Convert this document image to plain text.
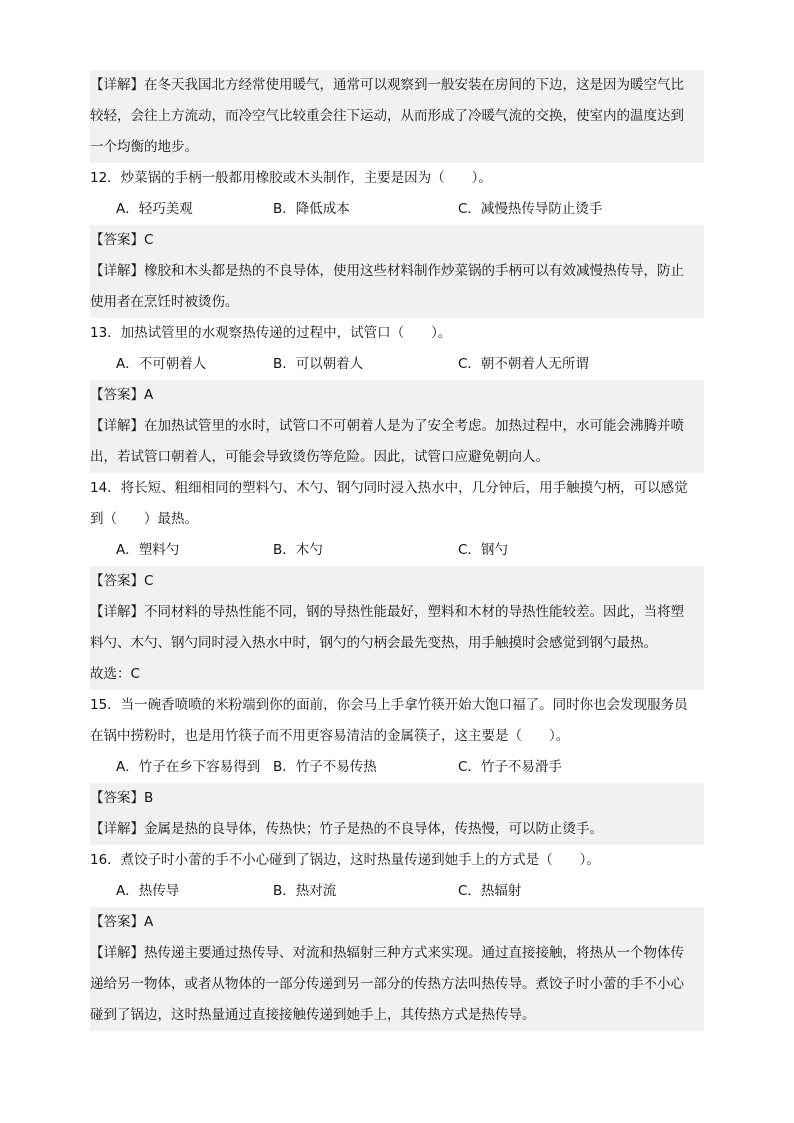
【详解】在冬天我国北方经常使用暖气，通常可以观察到一般安装在房间的下边，这是因为暖空气比
较轻，会往上方流动，而冷空气比较重会往下运动，从而形成了冷暖气流的交换，使室内的温度达到
一个均衡的地步。
12．炒菜锅的手柄一般都用橡胶或木头制作，主要是因为（　　）。
A．轻巧美观	B．降低成本	C．减慢热传导防止烫手
【答案】C
【详解】橡胶和木头都是热的不良导体，使用这些材料制作炒菜锅的手柄可以有效减慢热传导，防止
使用者在烹饪时被烫伤。
13．加热试管里的水观察热传递的过程中，试管口（　　）。
A．不可朝着人	B．可以朝着人	C．朝不朝着人无所谓
【答案】A
【详解】在加热试管里的水时，试管口不可朝着人是为了安全考虑。加热过程中，水可能会沸腾并喷
出，若试管口朝着人，可能会导致烫伤等危险。因此，试管口应避免朝向人。
14．将长短、粗细相同的塑料勺、木勺、钢勺同时浸入热水中，几分钟后，用手触摸勺柄，可以感觉
到（　　）最热。
A．塑料勺	B．木勺	C．钢勺
【答案】C
【详解】不同材料的导热性能不同，钢的导热性能最好，塑料和木材的导热性能较差。因此，当将塑
料勺、木勺、钢勺同时浸入热水中时，钢勺的勺柄会最先变热，用手触摸时会感觉到钢勺最热。
故选：C
15．当一碗香喷喷的米粉端到你的面前，你会马上手拿竹筷开始大饱口福了。同时你也会发现服务员
在锅中捞粉时，也是用竹筷子而不用更容易清洁的金属筷子，这主要是（　　）。
A．竹子在乡下容易得到 B．竹子不易传热	C．竹子不易滑手
【答案】B
【详解】金属是热的良导体，传热快；竹子是热的不良导体，传热慢，可以防止烫手。
16．煮饺子时小蕾的手不小心碰到了锅边，这时热量传递到她手上的方式是（　　）。
A．热传导	B．热对流	C．热辐射
【答案】A
【详解】热传递主要通过热传导、对流和热辐射三种方式来实现。通过直接接触，将热从一个物体传
递给另一物体，或者从物体的一部分传递到另一部分的传热方法叫热传导。煮饺子时小蕾的手不小心
碰到了锅边，这时热量通过直接接触传递到她手上，其传热方式是热传导。
